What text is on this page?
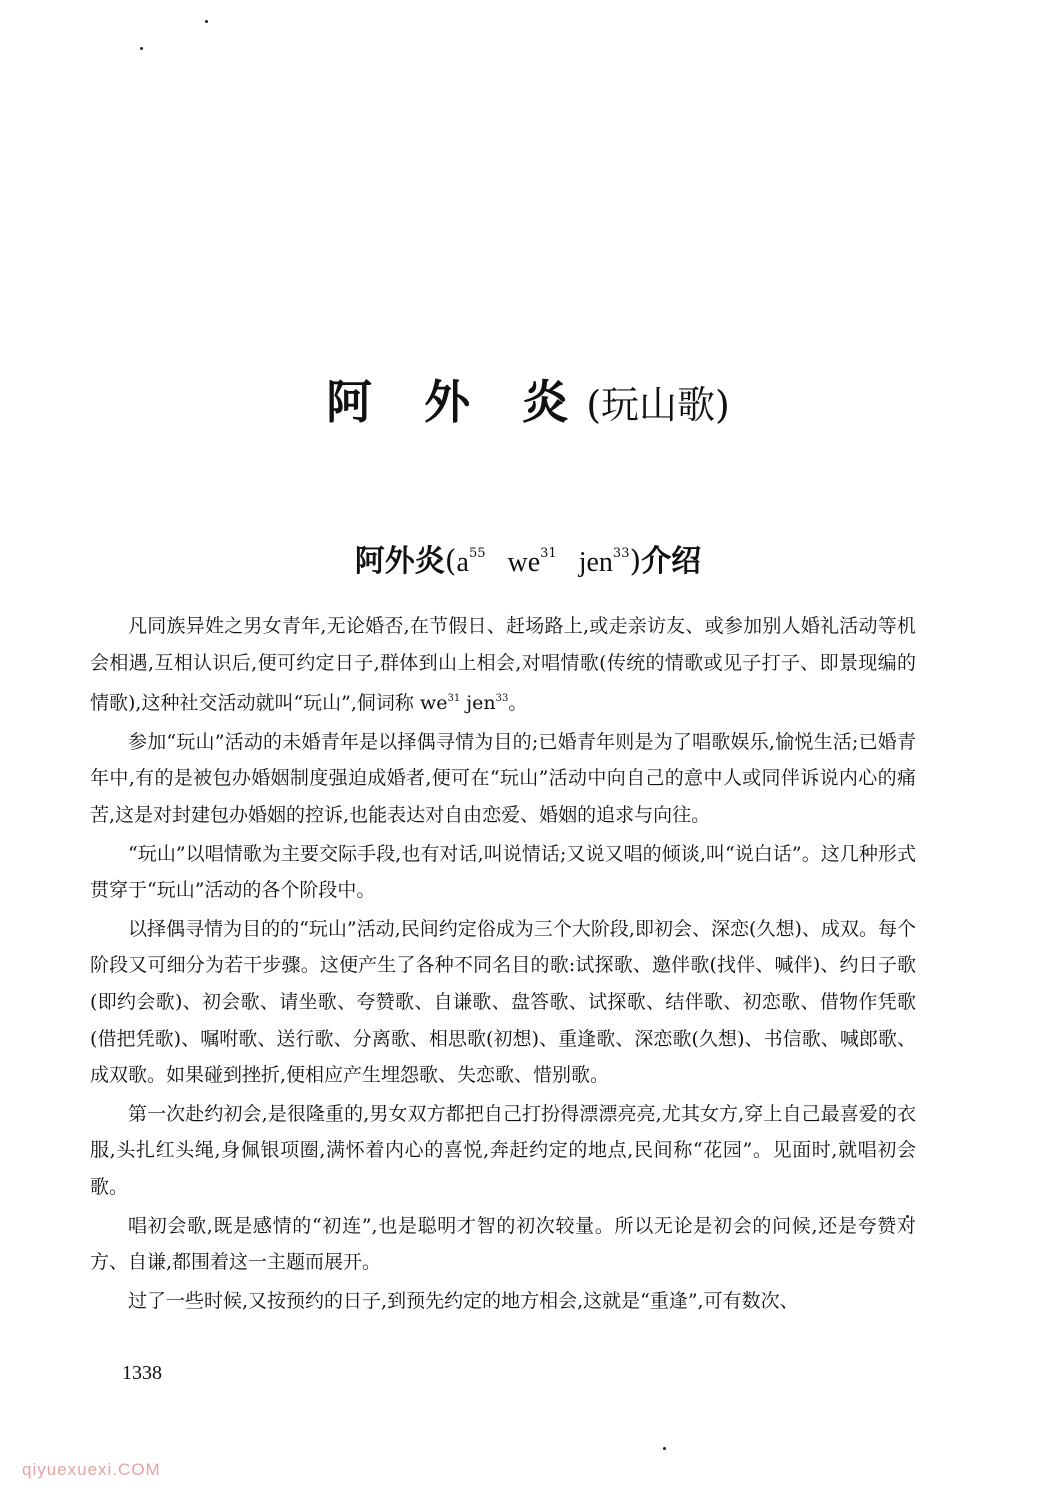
阿 外 炎(玩山歌)
阿外炎($a^{55}$ $we^{31}$ jen$^{33}$)介绍

凡同族异姓之男女青年,无论婚否,在节假日、赶场路上,或走亲访友、或参加别人婚礼活动等机会相遇,互相认识后,便可约定日子,群体到山上相会,对唱情歌(传统的情歌或见子打子、即景现编的情歌),这种社交活动就叫“玩山”,侗词称 $we^{31}$ jen$^{33}$。

参加“玩山”活动的未婚青年是以择偶寻情为目的;已婚青年则是为了唱歌娱乐,愉悦生活;已婚青年中,有的是被包办婚姻制度强迫成婚者,便可在“玩山”活动中向自己的意中人或同伴诉说内心的痛苦,这是对封建包办婚姻的控诉,也能表达对自由恋爱、婚姻的追求与向往。

“玩山”以唱情歌为主要交际手段,也有对话,叫说情话;又说又唱的倾谈,叫“说白话”。这几种形式贯穿于“玩山”活动的各个阶段中。

以择偶寻情为目的的“玩山”活动,民间约定俗成为三个大阶段,即初会、深恋(久想)、成双。每个阶段又可细分为若干步骤。这便产生了各种不同名目的歌:试探歌、邀伴歌(找伴、喊伴)、约日子歌(即约会歌)、初会歌、请坐歌、夸赞歌、自谦歌、盘答歌、试探歌、结伴歌、初恋歌、借物作凭歌(借把凭歌)、嘱咐歌、送行歌、分离歌、相思歌(初想)、重逢歌、深恋歌(久想)、书信歌、喊郎歌、成双歌。如果碰到挫折,便相应产生埋怨歌、失恋歌、惜别歌。

第一次赴约初会,是很隆重的,男女双方都把自己打扮得漂漂亮亮,尤其女方,穿上自己最喜爱的衣服,头扎红头绳,身佩银项圈,满怀着内心的喜悦,奔赶约定的地点,民间称“花园”。见面时,就唱初会歌。

唱初会歌,既是感情的“初连”,也是聪明才智的初次较量。所以无论是初会的问候,还是夸赞对方、自谦,都围着这一主题而展开。

过了一些时候,又按预约的日子,到预先约定的地方相会,这就是“重逢”,可有数次、

1338
qiyuexuexi.COM
